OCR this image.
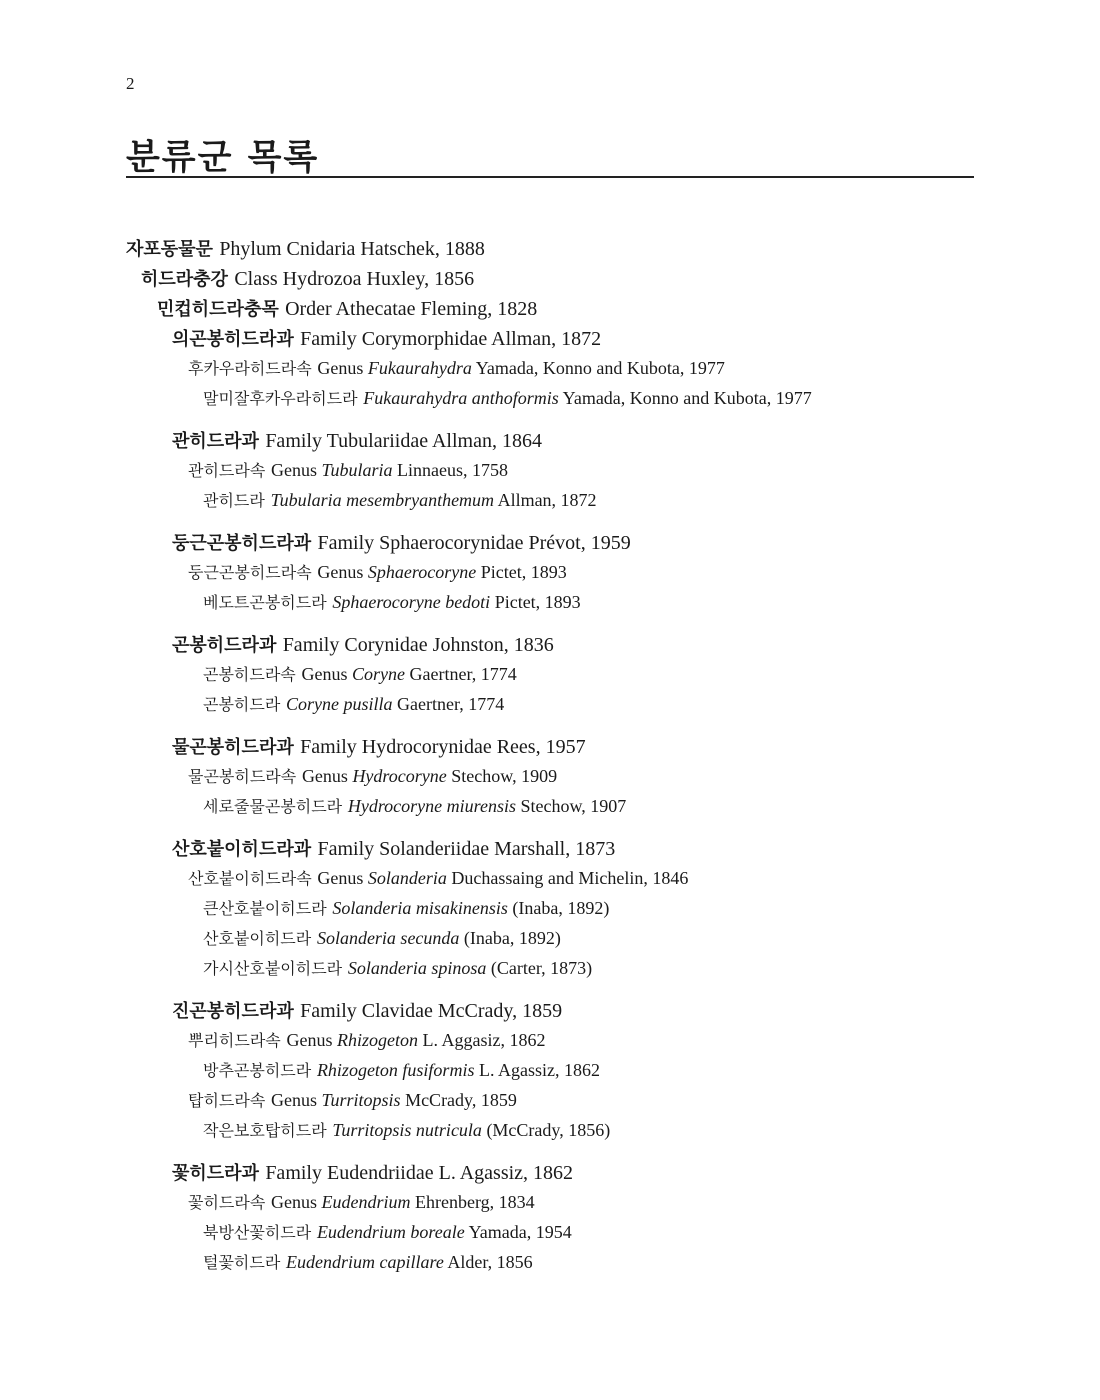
2
분류군 목록
자포동물문 Phylum Cnidaria Hatschek, 1888
히드라충강 Class Hydrozoa Huxley, 1856
민컵히드라충목 Order Athecatae Fleming, 1828
의곤봉히드라과 Family Corymorphidae Allman, 1872
후카우라히드라속 Genus Fukaurahydra Yamada, Konno and Kubota, 1977
말미잘후카우라히드라 Fukaurahydra anthoformis Yamada, Konno and Kubota, 1977
관히드라과 Family Tubulariidae Allman, 1864
관히드라속 Genus Tubularia Linnaeus, 1758
관히드라 Tubularia mesembryanthemum Allman, 1872
둥근곤봉히드라과 Family Sphaerocorynidae Prévot, 1959
둥근곤봉히드라속 Genus Sphaerocoryne Pictet, 1893
베도트곤봉히드라 Sphaerocoryne bedoti Pictet, 1893
곤봉히드라과 Family Corynidae Johnston, 1836
곤봉히드라속 Genus Coryne Gaertner, 1774
곤봉히드라 Coryne pusilla Gaertner, 1774
물곤봉히드라과 Family Hydrocorynidae Rees, 1957
물곤봉히드라속 Genus Hydrocoryne Stechow, 1909
세로줄물곤봉히드라 Hydrocoryne miurensis Stechow, 1907
산호붙이히드라과 Family Solanderiidae Marshall, 1873
산호붙이히드라속 Genus Solanderia Duchassaing and Michelin, 1846
큰산호붙이히드라 Solanderia misakinensis (Inaba, 1892)
산호붙이히드라 Solanderia secunda (Inaba, 1892)
가시산호붙이히드라 Solanderia spinosa (Carter, 1873)
진곤봉히드라과 Family Clavidae McCrady, 1859
뿌리히드라속 Genus Rhizogeton L. Aggasiz, 1862
방추곤봉히드라 Rhizogeton fusiformis L. Agassiz, 1862
탑히드라속 Genus Turritopsis McCrady, 1859
작은보호탑히드라 Turritopsis nutricula (McCrady, 1856)
꽃히드라과 Family Eudendriidae L. Agassiz, 1862
꽃히드라속 Genus Eudendrium Ehrenberg, 1834
북방산꽃히드라 Eudendrium boreale Yamada, 1954
털꽃히드라 Eudendrium capillare Alder, 1856
